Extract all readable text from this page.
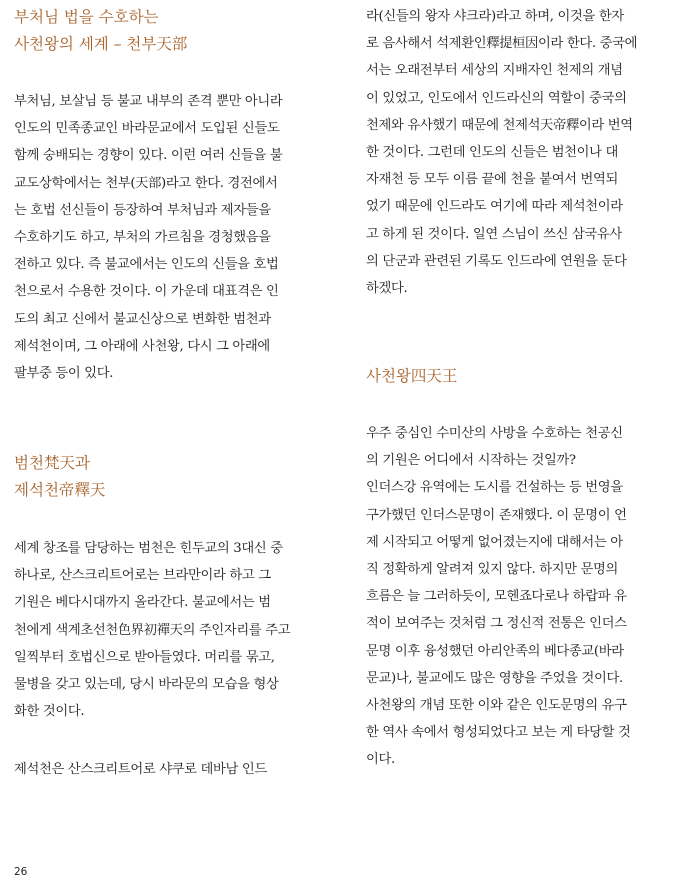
부처님 법을 수호하는
사천왕의 세계 – 천부天部

부처님, 보살님 등 불교 내부의 존격 뿐만 아니라
인도의 민족종교인 바라문교에서 도입된 신들도
함께 숭배되는 경향이 있다. 이런 여러 신들을 불
교도상학에서는 천부(天部)라고 한다. 경전에서
는 호법 선신들이 등장하여 부처님과 제자들을
수호하기도 하고, 부처의 가르침을 경청했음을
전하고 있다. 즉 불교에서는 인도의 신들을 호법
천으로서 수용한 것이다. 이 가운데 대표격은 인
도의 최고 신에서 불교신상으로 변화한 범천과
제석천이며, 그 아래에 사천왕, 다시 그 아래에
팔부중 등이 있다.

범천梵天과
제석천帝釋天

세계 창조를 담당하는 범천은 힌두교의 3대신 중
하나로, 산스크리트어로는 브라만이라 하고 그
기원은 베다시대까지 올라간다. 불교에서는 범
천에게 색계초선천色界初禪天의 주인자리를 주고
일찍부터 호법신으로 받아들였다. 머리를 묶고,
물병을 갖고 있는데, 당시 바라문의 모습을 형상
화한 것이다.

제석천은 산스크리트어로 샤쿠로 데바남 인드

라(신들의 왕자 샤크라)라고 하며, 이것을 한자
로 음사해서 석제환인釋提桓因이라 한다. 중국에
서는 오래전부터 세상의 지배자인 천제의 개념
이 있었고, 인도에서 인드라신의 역할이 중국의
천제와 유사했기 때문에 천제석天帝釋이라 번역
한 것이다. 그런데 인도의 신들은 범천이나 대
자재천 등 모두 이름 끝에 천을 붙여서 번역되
었기 때문에 인드라도 여기에 따라 제석천이라
고 하게 된 것이다. 일연 스님이 쓰신 삼국유사
의 단군과 관련된 기록도 인드라에 연원을 둔다
하겠다.

사천왕四天王

우주 중심인 수미산의 사방을 수호하는 천공신
의 기원은 어디에서 시작하는 것일까?
인더스강 유역에는 도시를 건설하는 등 번영을
구가했던 인더스문명이 존재했다. 이 문명이 언
제 시작되고 어떻게 없어졌는지에 대해서는 아
직 정확하게 알려져 있지 않다. 하지만 문명의
흐름은 늘 그러하듯이, 모헨죠다로나 하랍파 유
적이 보여주는 것처럼 그 정신적 전통은 인더스
문명 이후 융성했던 아리안족의 베다종교(바라
문교)나, 불교에도 많은 영향을 주었을 것이다.
사천왕의 개념 또한 이와 같은 인도문명의 유구
한 역사 속에서 형성되었다고 보는 게 타당할 것
이다.

26
